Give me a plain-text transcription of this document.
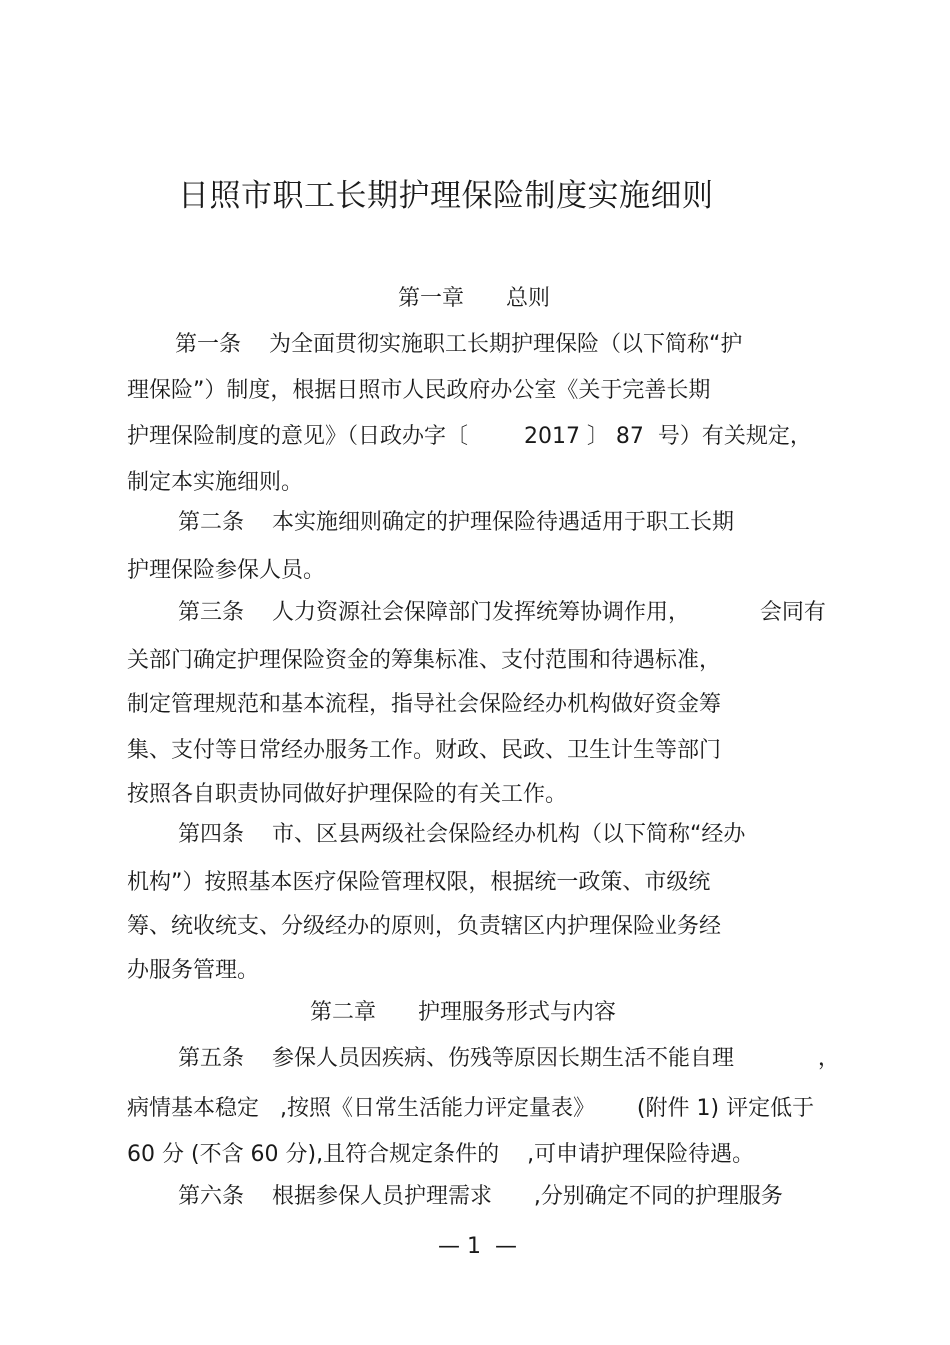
日照市职工长期护理保险制度实施细则
第一章      总则
第一条    为全面贯彻实施职工长期护理保险（以下简称“护
理保险”）制度，根据日照市人民政府办公室《关于完善长期
护理保险制度的意见》（日政办字〔        2017 〕 87  号）有关规定，
制定本实施细则。
第二条    本实施细则确定的护理保险待遇适用于职工长期
护理保险参保人员。
第三条    人力资源社会保障部门发挥统筹协调作用，          会同有
关部门确定护理保险资金的筹集标准、支付范围和待遇标准，
制定管理规范和基本流程，指导社会保险经办机构做好资金筹
集、支付等日常经办服务工作。财政、民政、卫生计生等部门
按照各自职责协同做好护理保险的有关工作。
第四条    市、区县两级社会保险经办机构（以下简称“经办
机构”）按照基本医疗保险管理权限，根据统一政策、市级统
筹、统收统支、分级经办的原则，负责辖区内护理保险业务经
办服务管理。
第二章      护理服务形式与内容
第五条    参保人员因疾病、伤残等原因长期生活不能自理            ，
病情基本稳定   ,按照《日常生活能力评定量表》      (附件 1) 评定低于
60 分 (不含 60 分),且符合规定条件的    ,可申请护理保险待遇。
第六条    根据参保人员护理需求      ,分别确定不同的护理服务
— 1  —
